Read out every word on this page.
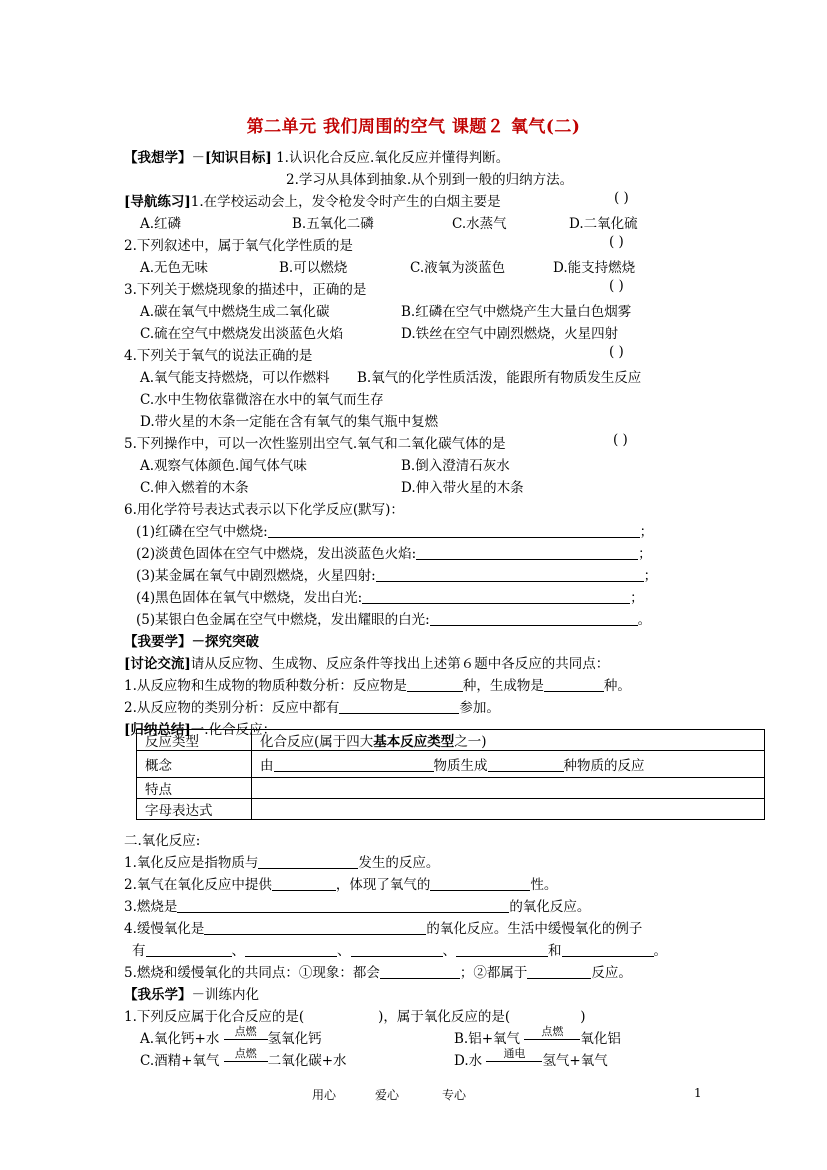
第二单元 我们周围的空气 课题２ 氧气(二)
【我想学】－[知识目标] 1.认识化合反应.氧化反应并懂得判断。
2.学习从具体到抽象.从个别到一般的归纳方法。
[导航练习]1.在学校运动会上，发令枪发令时产生的白烟主要是	( )
A.红磷	B.五氧化二磷	C.水蒸气	D.二氧化硫
2.下列叙述中，属于氧气化学性质的是	( )
A.无色无味	B.可以燃烧	C.液氧为淡蓝色	D.能支持燃烧
3.下列关于燃烧现象的描述中，正确的是	( )
A.碳在氧气中燃烧生成二氧化碳	B.红磷在空气中燃烧产生大量白色烟雾
C.硫在空气中燃烧发出淡蓝色火焰	D.铁丝在空气中剧烈燃烧，火星四射
4.下列关于氧气的说法正确的是	( )
A.氧气能支持燃烧，可以作燃料 B.氧气的化学性质活泼，能跟所有物质发生反应
C.水中生物依靠微溶在水中的氧气而生存
D.带火星的木条一定能在含有氧气的集气瓶中复燃
5.下列操作中，可以一次性鉴别出空气.氧气和二氧化碳气体的是	( )
A.观察气体颜色.闻气体气味	B.倒入澄清石灰水
C.伸入燃着的木条	D.伸入带火星的木条
6.用化学符号表达式表示以下化学反应(默写)：
(1)红磷在空气中燃烧:	；
(2)淡黄色固体在空气中燃烧，发出淡蓝色火焰:	；
(3)某金属在氧气中剧烈燃烧，火星四射:	；
(4)黑色固体在氧气中燃烧，发出白光:	；
(5)某银白色金属在空气中燃烧，发出耀眼的白光:	。
【我要学】－探究突破
[讨论交流]请从反应物、生成物、反应条件等找出上述第６题中各反应的共同点：
1.从反应物和生成物的物质种数分析：反应物是	种，生成物是	种。
2.从反应物的类别分析：反应中都有	参加。
[归纳总结]一.化合反应：
反应类型	化合反应(属于四大基本反应类型之一)
概念	由 物质生成 种物质的反应
特点	
字母表达式	
二.氧化反应:
1.氧化反应是指物质与	发生的反应。
2.氧气在氧化反应中提供	，体现了氧气的	性。
3.燃烧是	的氧化反应。
4.缓慢氧化是	的氧化反应。生活中缓慢氧化的例子
有	、	、	、	和	。
5.燃烧和缓慢氧化的共同点：①现象：都会	；②都属于	反应。
【我乐学】－训练内化
1.下列反应属于化合反应的是(	)，属于氧化反应的是(	)
A.氧化钙+水	点燃 氢氧化钙	B.铝+氧气	点燃	氧化铝
C.酒精+氧气	点燃 二氧化碳+水	D.水	通电	氢气+氧气
用心	爱心	专心	1
